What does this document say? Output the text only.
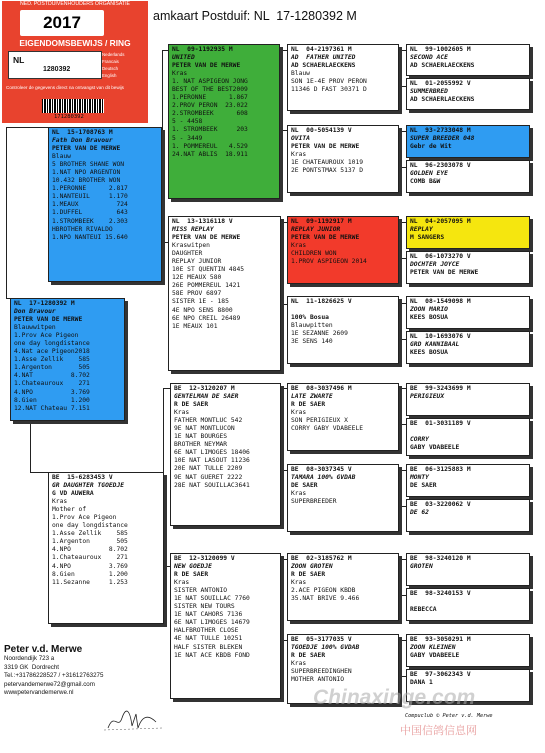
amkaart Postduif: NL  17-1280392 M
NED. POSTDUIVENHOUDERS ORGANISATIE
2017
EIGENDOMSBEWIJS / RING
NL
1280392
Nederlands
Francais
Deutsch
English
Controleer de gegevens direct na ontvangst van dit bewijs
171280392
NL  09-1192935 M
UNITED
PETER VAN DE MERWE
Kras
1. NAT ASPIGEON JONG
BEST OF THE BEST2009
1.PERONNE      1.867
2.PROV PERON  23.022
2.STROMBEEK      608
5 - 4458
1. STROMBEEK     203
5 - 3449
1. POMMEREUL   4.529
24.NAT ABLIS  18.911
NL  04-2197361 M
AD  FATHER UNITED
AD SCHAERLAECKENS
Blauw
SON 1E-4E PROV PERON
11346 D FAST 30371 D
NL  99-1002605 M
SECOND ACE
AD SCHAERLAECKENS
NL  01-2055992 V
SUMMERBRED
AD SCHAERLAECKENS
NL  00-5054139 V
OVITA
PETER VAN DE MERWE
Kras
1E CHATEAUROUX 1019
2E PONTSTMAX 5137 D
NL  93-2733048 M
SUPER BREEDER 048
Gebr de Wit
NL  96-2303078 V
GOLDEN EYE
COMB B&W
NL  15-1708763 M
Fath Don Bravour
PETER VAN DE MERWE
Blauw
5 BROTHER SHANE WON
1.NAT NPO ARGENTON
10.432 BROTHER WON
1.PERONNE      2.817
1.NANTEUIL     1.170
1.MEAUX          724
1.DUFFEL         643
1.STROMBEEK    2.303
HBROTHER RIVALDO
1.NPO NANTEUI 15.640
NL  13-1316118 V
MISS REPLAY
PETER VAN DE MERWE
Kraswitpen
DAUGHTER
REPLAY JUNIOR
10E ST QUENTIN 4845
12E MEAUX 580
26E POMMEREUL 1421
58E PROV 6897
SISTER 1E - 185
4E NPO SENS 8800
6E NPO CREIL 26489
1E MEAUX 101
NL  09-1192917 M
REPLAY JUNIOR
PETER VAN DE MERWE
Kras
CHILDREN WON
1.PROV ASPIGEON 2014
NL  04-2057095 M
REPLAY
M SANGERS
NL  06-1073270 V
DOCHTER JOYCE
PETER VAN DE MERWE
NL  11-1826625 V

100% Bosua
Blauwpitten
1E SEZANNE 2609
3E SENS 140
NL  08-1549098 M
ZOON MARIO
KEES BOSUA
NL  10-1693076 V
GRD KANNIBAAL
KEES BOSUA
NL  17-1280392 M
Don Bravour
PETER VAN DE MERWE
Blauwwitpen
1.Prov Ace Pigeon
one day longdistance
4.Nat ace Pigeon2018
1.Asse Zellik    585
1.Argenton       505
4.NAT          8.702
1.Chateauroux    271
4.NPO          3.769
8.Gien         1.200
12.NAT Chateau 7.151
BE  12-3120207 M
GENTELMAN DE SAER
R DE SAER
Kras
FATHER MONTLUC 542
9E NAT MONTLUCON
1E NAT BOURGES
BROTHER NEYMAR
6E NAT LIMOGES 18406
10E NAT LASOUT 11236
20E NAT TULLE 2209
9E NAT GUERET 2222
28E NAT SOUILLAC3641
BE  08-3037496 M
LATE ZWARTE
R DE SAER
Kras
SON PERIGIEUX X
CORRY GABY VDABEELE
BE  99-3243699 M
PERIGIEUX
BE  01-3031189 V

CORRY
GABY VDABEELE
BE  08-3037345 V
TAMARA 100% GVDAB
DE SAER
Kras
SUPERBREEDER
BE  06-3125883 M
MONTY
DE SAER
BE  03-3220062 V
DE 62
BE  15-6283453 V
GR DAUGHTER TGOEDJE
G VD AUWERA
Kras
Mother of
1.Prov Ace Pigeon
one day longdistance
1.Asse Zellik    585
1.Argenton       505
4.NPO          8.702
1.Chateauroux    271
4.NPO          3.769
8.Gien         1.200
11.Sezanne     1.253
BE  12-3120099 V
NEW GOEDJE
R DE SAER
Kras
SISTER ANTONIO
1E NAT SOUILLAC 7760
SISTER NEW TOURS
1E NAT CAHORS 7136
6E NAT LIMOGES 14679
HALFBROTHER CLOSE
4E NAT TULLE 10251
HALF SISTER BLEKEN
1E NAT ACE KBDB FOND
BE  02-3185762 M
ZOON GROTEN
R DE SAER
Kras
2.ACE PIGEON KBDB
35.NAT BRIVE 9.466
BE  98-3240120 M
GROTEN
BE  98-3240153 V

REBECCA
BE  05-3177035 V
TGOEDJE 100% GVDAB
R DE SAER
Kras
SUPERBREEDINGHEN
MOTHER ANTONIO
BE  93-3050291 M
ZOON KLEINEN
GABY VDABEELE
BE  97-3062343 V
DANA 1
Peter v.d. Merwe
Noordendijk 723 a
3319 GK  Dordrecht
Tel.:+31786228527 / +31612763275
petervandemerwe72@gmail.com
wwwpetervandemerwe.nl	Chinaxinge.com
中国信鸽信息网
Compuclub © Peter v.d. Merwe
